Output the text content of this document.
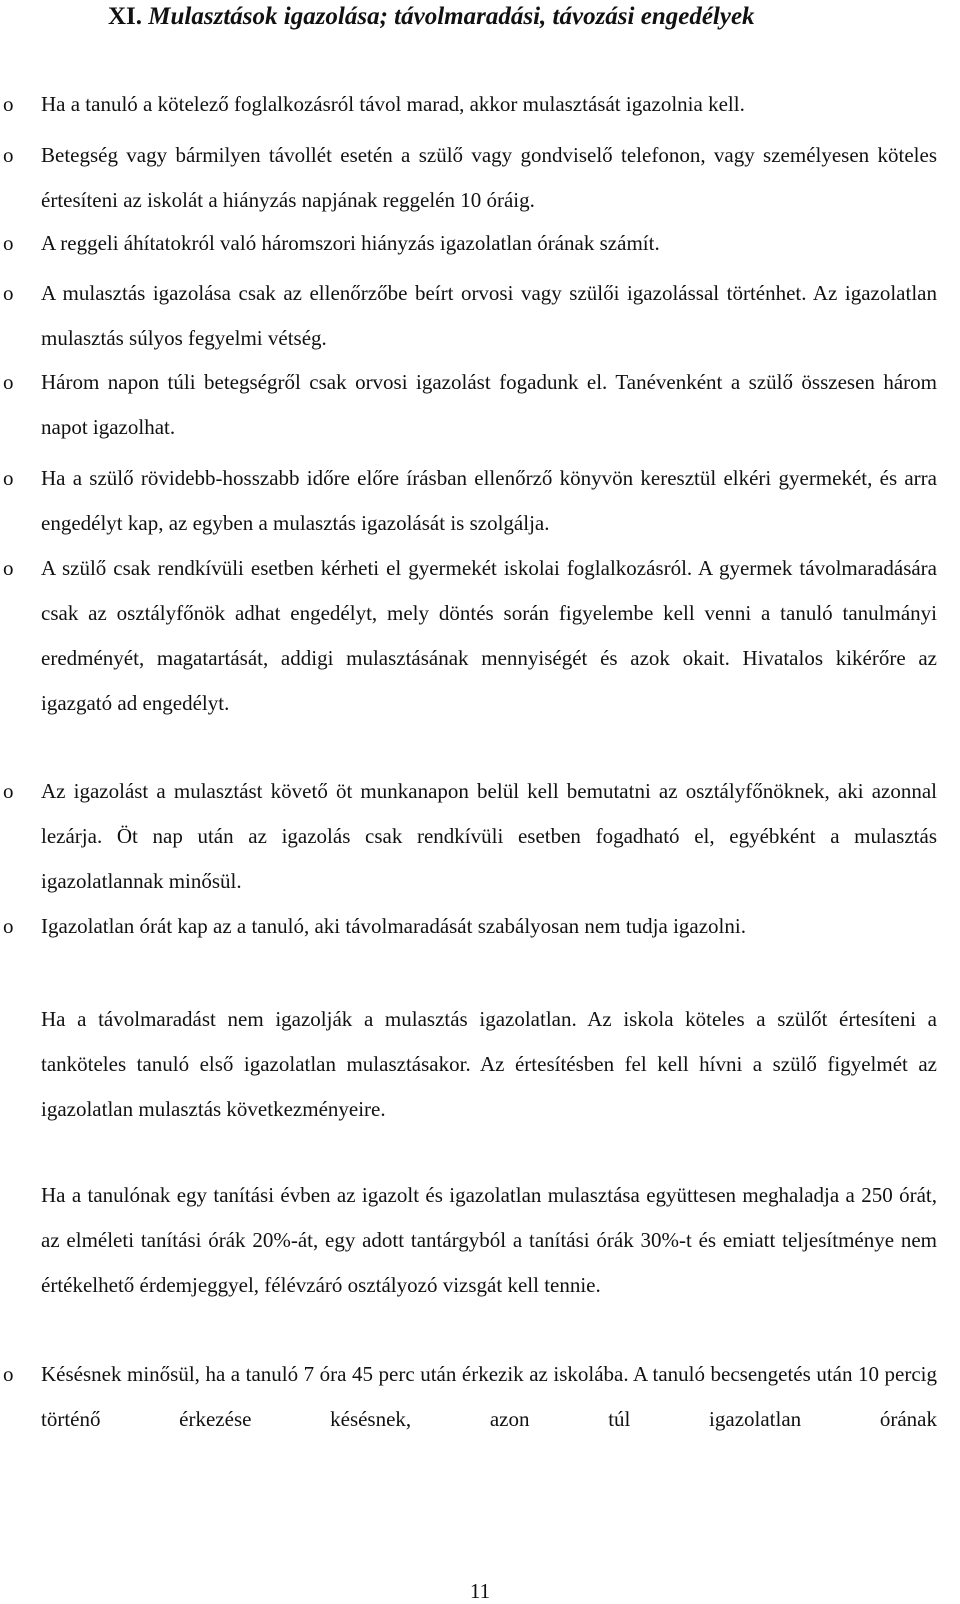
XI. Mulasztások igazolása; távolmaradási, távozási engedélyek
o Ha a tanuló a kötelező foglalkozásról távol marad, akkor mulasztását igazolnia kell.

o Betegség vagy bármilyen távollét esetén a szülő vagy gondviselő telefonon, vagy személyesen köteles értesíteni az iskolát a hiányzás napjának reggelén 10 óráig.

o A reggeli áhítatokról való háromszori hiányzás igazolatlan órának számít.

o A mulasztás igazolása csak az ellenőrzőbe beírt orvosi vagy szülői igazolással történhet. Az igazolatlan mulasztás súlyos fegyelmi vétség.

o Három napon túli betegségről csak orvosi igazolást fogadunk el. Tanévenként a szülő összesen három napot igazolhat.

o Ha a szülő rövidebb-hosszabb időre előre írásban ellenőrző könyvön keresztül elkéri gyermekét, és arra engedélyt kap, az egyben a mulasztás igazolását is szolgálja.

o A szülő csak rendkívüli esetben kérheti el gyermekét iskolai foglalkozásról. A gyermek távolmaradására csak az osztályfőnök adhat engedélyt, mely döntés során figyelembe kell venni a tanuló tanulmányi eredményét, magatartását, addigi mulasztásának mennyiségét és azok okait. Hivatalos kikérőre az igazgató ad engedélyt.

o Az igazolást a mulasztást követő öt munkanapon belül kell bemutatni az osztályfőnöknek, aki azonnal lezárja. Öt nap után az igazolás csak rendkívüli esetben fogadható el, egyébként a mulasztás igazolatlannak minősül.

o Igazolatlan órát kap az a tanuló, aki távolmaradását szabályosan nem tudja igazolni.

Ha a távolmaradást nem igazolják a mulasztás igazolatlan. Az iskola köteles a szülőt értesíteni a tanköteles tanuló első igazolatlan mulasztásakor. Az értesítésben fel kell hívni a szülő figyelmét az igazolatlan mulasztás következményeire.

Ha a tanulónak egy tanítási évben az igazolt és igazolatlan mulasztása együttesen meghaladja a 250 órát, az elméleti tanítási órák 20%-át, egy adott tantárgyból a tanítási órák 30%-t és emiatt teljesítménye nem értékelhető érdemjeggyel, félévzáró osztályozó vizsgát kell tennie.

o Késésnek minősül, ha a tanuló 7 óra 45 perc után érkezik az iskolába. A tanuló becsengetés után 10 percig történő érkezése késésnek, azon túl igazolatlan órának

11
